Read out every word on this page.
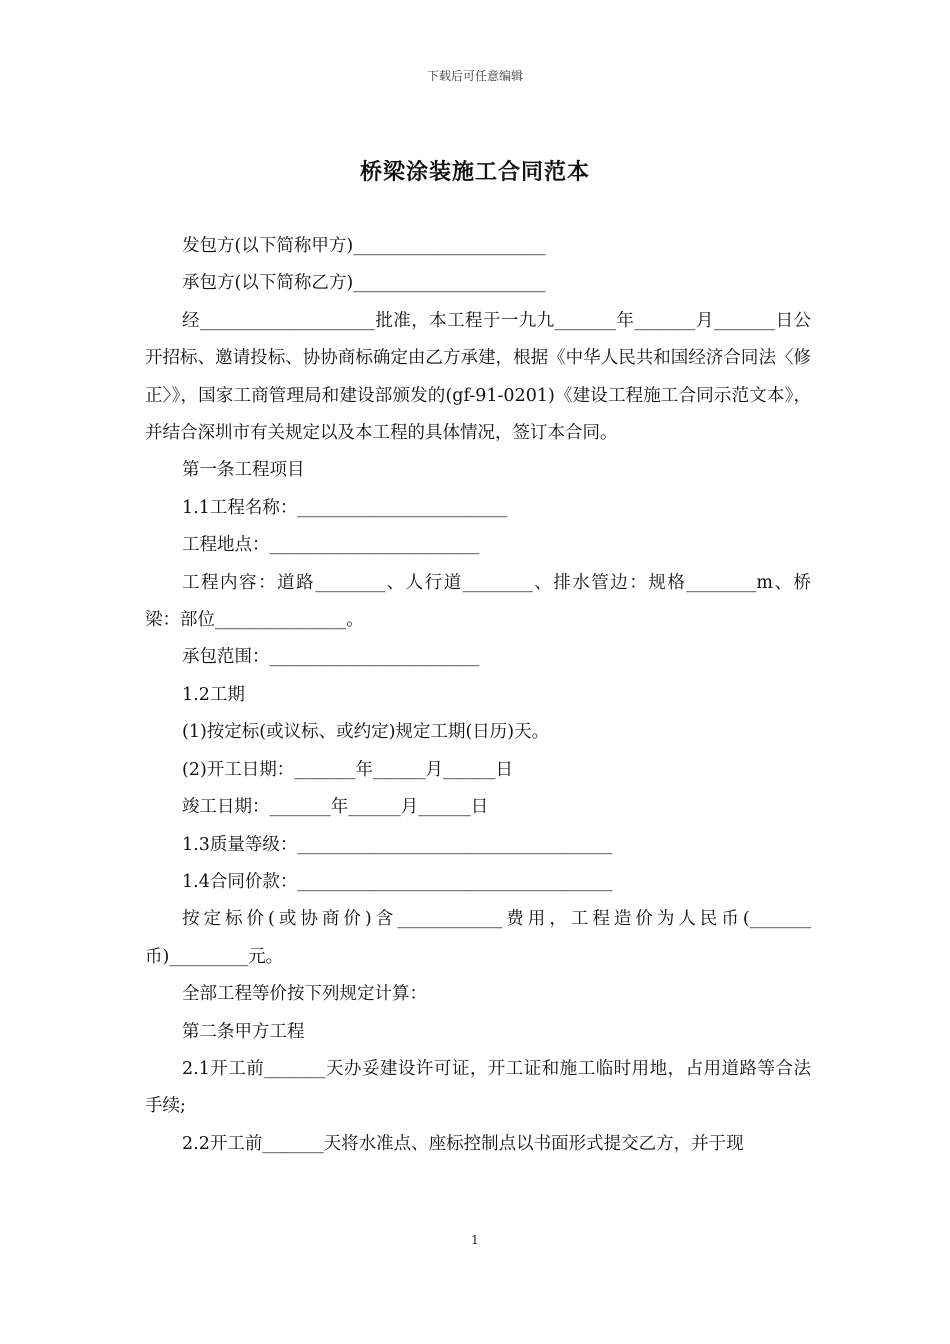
下载后可任意编辑
桥梁涂装施工合同范本

发包方(以下简称甲方)______________________

承包方(以下简称乙方)______________________

经____________________批准，本工程于一九九_______年_______月_______日公开招标、邀请投标、协协商标确定由乙方承建，根据《中华人民共和国经济合同法〈修正〉》，国家工商管理局和建设部颁发的(gf-91-0201)《建设工程施工合同示范文本》，并结合深圳市有关规定以及本工程的具体情况，签订本合同。

第一条工程项目

1.1工程名称：________________________

工程地点：________________________

工程内容：道路________、人行道________、排水管边：规格________m、桥梁：部位_______________。

承包范围：________________________

1.2工期

(1)按定标(或议标、或约定)规定工期(日历)天。

(2)开工日期：_______年______月______日

竣工日期：_______年______月______日

1.3质量等级：____________________________________

1.4合同价款：____________________________________

按定标价(或协商价)含____________费用，工程造价为人民币(_______币)_________元。

全部工程等价按下列规定计算：

第二条甲方工程

2.1开工前_______天办妥建设许可证，开工证和施工临时用地，占用道路等合法手续;

2.2开工前_______天将水准点、座标控制点以书面形式提交乙方，并于现

1
